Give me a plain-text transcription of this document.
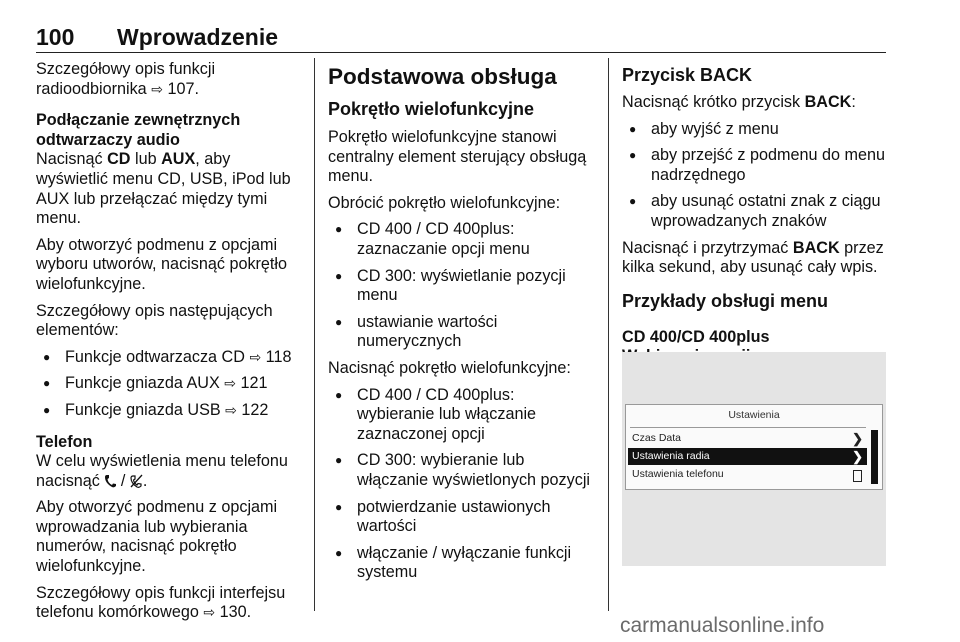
100 Wprowadzenie

Szczegółowy opis funkcji radioodbiornika ⇨ 107.

Podłączanie zewnętrznych odtwarzaczy audio

Nacisnąć CD lub AUX, aby wyświetlić menu CD, USB, iPod lub AUX lub przełączać między tymi menu.

Aby otworzyć podmenu z opcjami wyboru utworów, nacisnąć pokrętło wielofunkcyjne.

Szczegółowy opis następujących elementów:

● Funkcje odtwarzacza CD ⇨ 118
● Funkcje gniazda AUX ⇨ 121
● Funkcje gniazda USB ⇨ 122
Telefon

W celu wyświetlenia menu telefonu nacisnąć / .

Aby otworzyć podmenu z opcjami wprowadzania lub wybierania numerów, nacisnąć pokrętło wielofunkcyjne.

Szczegółowy opis funkcji interfejsu telefonu komórkowego ⇨ 130.

Podstawowa obsługa
Pokrętło wielofunkcyjne

Pokrętło wielofunkcyjne stanowi centralny element sterujący obsługą menu.

Obrócić pokrętło wielofunkcyjne:

● CD 400 / CD 400plus: zaznaczanie opcji menu
● CD 300: wyświetlanie pozycji menu
● ustawianie wartości numerycznych

Nacisnąć pokrętło wielofunkcyjne:

● CD 400 / CD 400plus: wybieranie lub włączanie zaznaczonej opcji
● CD 300: wybieranie lub włączanie wyświetlonych pozycji
● potwierdzanie ustawionych wartości
● włączanie / wyłączanie funkcji systemu
Przycisk BACK

Nacisnąć krótko przycisk BACK:

● aby wyjść z menu
● aby przejść z podmenu do menu nadrzędnego
● aby usunąć ostatni znak z ciągu wprowadzanych znaków

Nacisnąć i przytrzymać BACK przez kilka sekund, aby usunąć cały wpis.

Przykłady obsługi menu
CD 400/CD 400plus
Ustawienia
Czas Data	❯
Ustawienia radia	❯
Ustawienia telefonu
carmanualsonline.info
